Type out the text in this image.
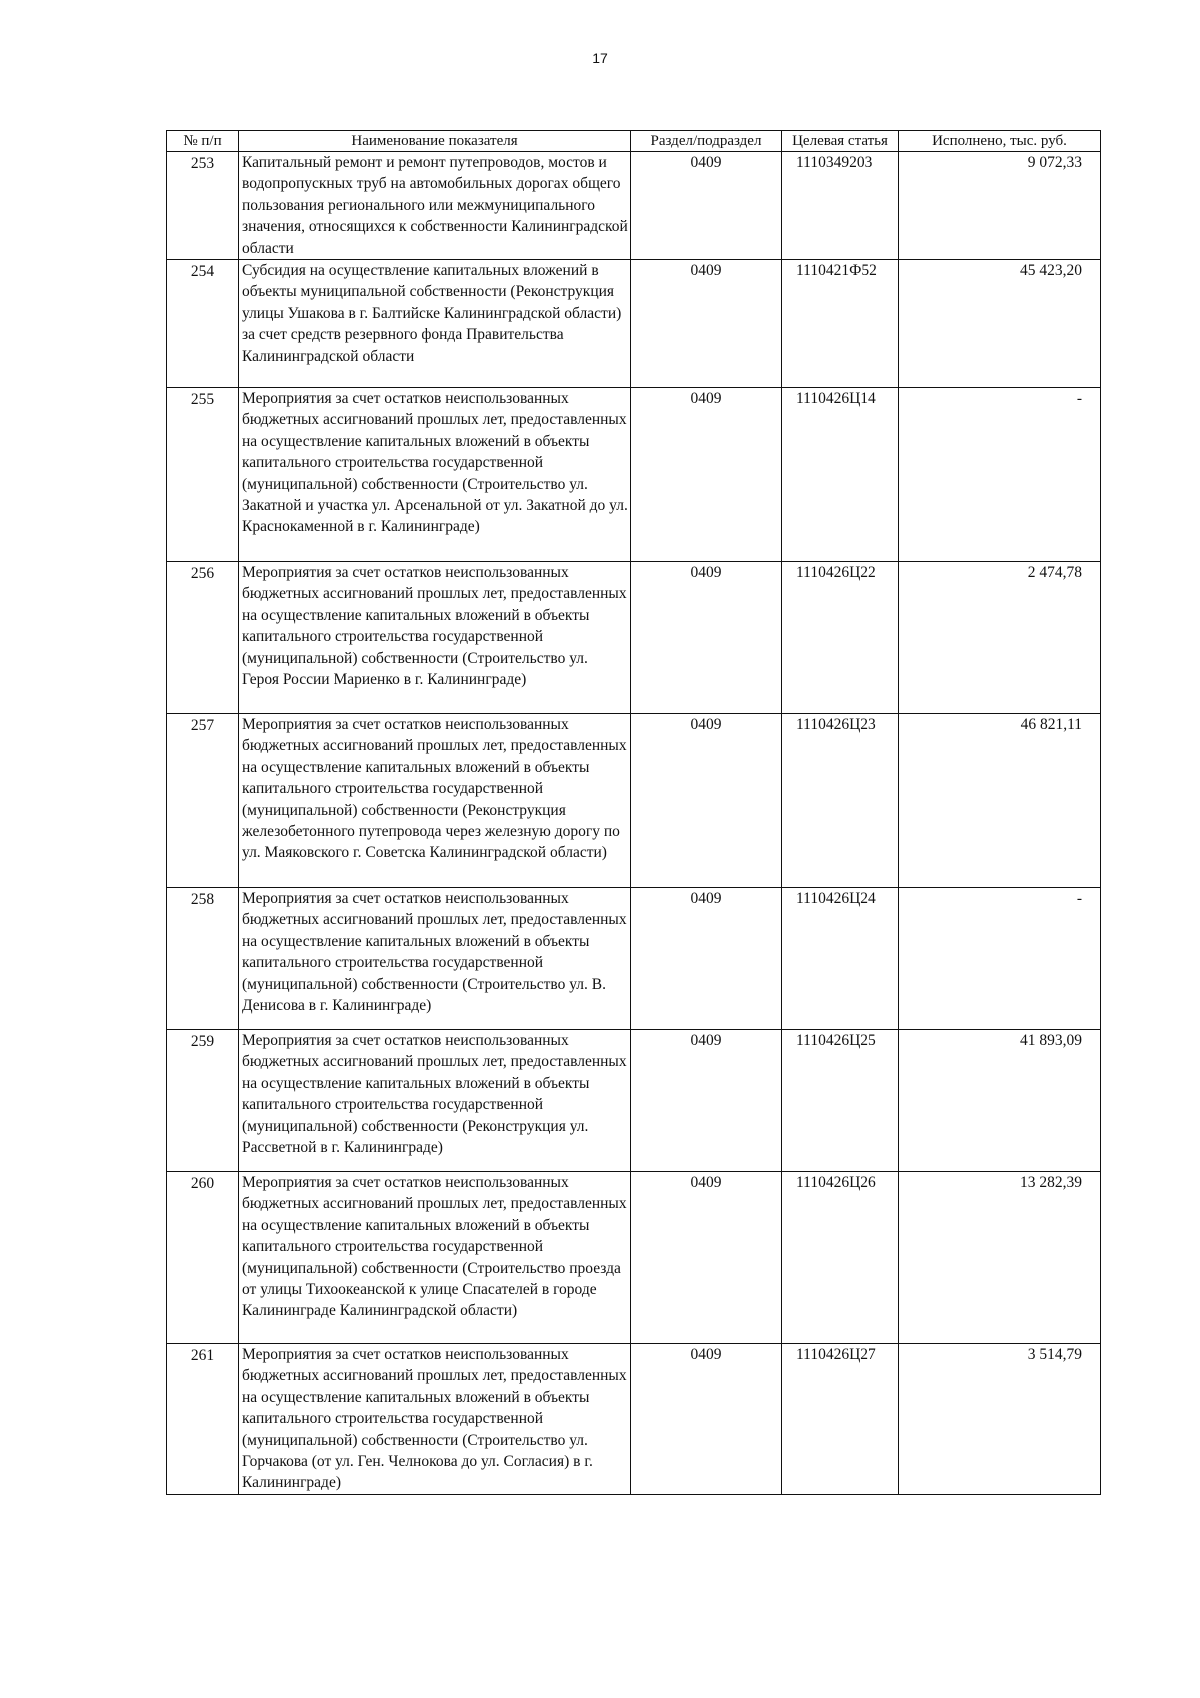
17
№ п/п	Наименование показателя	Раздел/подраздел	Целевая статья	Исполнено, тыс. руб.
253	Капитальный ремонт и ремонт путепроводов, мостов и водопропускных труб на автомобильных дорогах общего пользования регионального или межмуниципального значения, относящихся к собственности Калининградской области	0409	1110349203	9 072,33
254	Субсидия на осуществление капитальных вложений в объекты муниципальной собственности (Реконструкция улицы Ушакова в г. Балтийске Калининградской области) за счет средств резервного фонда Правительства Калининградской области	0409	1110421Ф52	45 423,20
255	Мероприятия за счет остатков неиспользованных бюджетных ассигнований прошлых лет, предоставленных на осуществление капитальных вложений в объекты капитального строительства государственной (муниципальной) собственности (Строительство ул. Закатной и участка ул. Арсенальной от ул. Закатной до ул. Краснокаменной в г. Калининграде)	0409	1110426Ц14	-
256	Мероприятия за счет остатков неиспользованных бюджетных ассигнований прошлых лет, предоставленных на осуществление капитальных вложений в объекты капитального строительства государственной (муниципальной) собственности (Строительство ул. Героя России Мариенко в г. Калининграде)	0409	1110426Ц22	2 474,78
257	Мероприятия за счет остатков неиспользованных бюджетных ассигнований прошлых лет, предоставленных на осуществление капитальных вложений в объекты капитального строительства государственной (муниципальной) собственности (Реконструкция железобетонного путепровода через железную дорогу по ул. Маяковского г. Советска Калининградской области)	0409	1110426Ц23	46 821,11
258	Мероприятия за счет остатков неиспользованных бюджетных ассигнований прошлых лет, предоставленных на осуществление капитальных вложений в объекты капитального строительства государственной (муниципальной) собственности (Строительство ул. В. Денисова в г. Калининграде)	0409	1110426Ц24	-
259	Мероприятия за счет остатков неиспользованных бюджетных ассигнований прошлых лет, предоставленных на осуществление капитальных вложений в объекты капитального строительства государственной (муниципальной) собственности (Реконструкция ул. Рассветной в г. Калининграде)	0409	1110426Ц25	41 893,09
260	Мероприятия за счет остатков неиспользованных бюджетных ассигнований прошлых лет, предоставленных на осуществление капитальных вложений в объекты капитального строительства государственной (муниципальной) собственности (Строительство проезда от улицы Тихоокеанской к улице Спасателей в городе Калининграде Калининградской области)	0409	1110426Ц26	13 282,39
261	Мероприятия за счет остатков неиспользованных бюджетных ассигнований прошлых лет, предоставленных на осуществление капитальных вложений в объекты капитального строительства государственной (муниципальной) собственности (Строительство ул. Горчакова (от ул. Ген. Челнокова до ул. Согласия) в г. Калининграде)	0409	1110426Ц27	3 514,79
